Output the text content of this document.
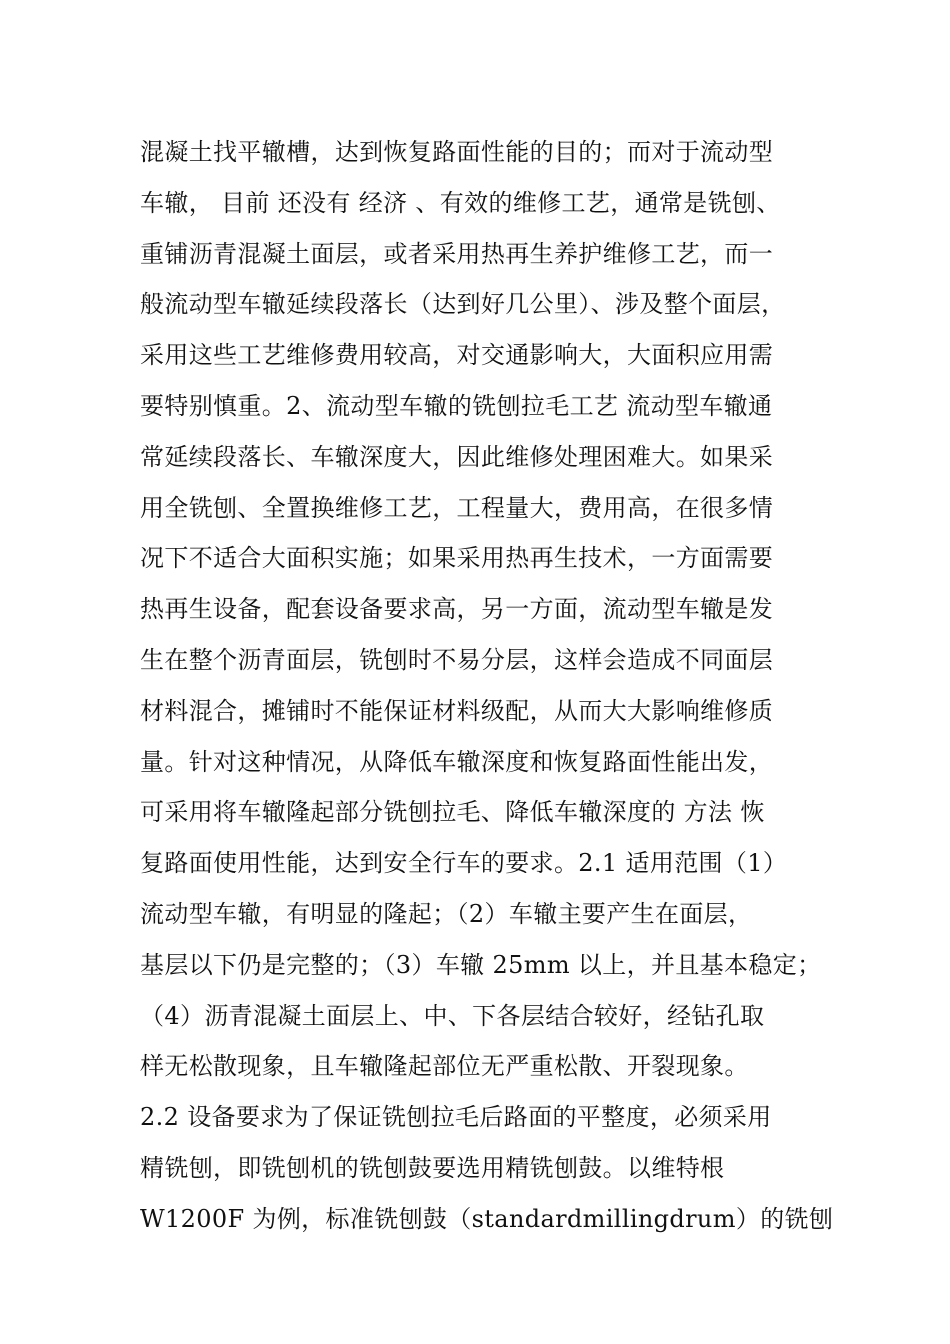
混凝土找平辙槽，达到恢复路面性能的目的；而对于流动型
车辙， 目前 还没有 经济 、有效的维修工艺，通常是铣刨、
重铺沥青混凝土面层，或者采用热再生养护维修工艺，而一
般流动型车辙延续段落长（达到好几公里）、涉及整个面层，
采用这些工艺维修费用较高，对交通影响大，大面积应用需
要特别慎重。2、流动型车辙的铣刨拉毛工艺 流动型车辙通
常延续段落长、车辙深度大，因此维修处理困难大。如果采
用全铣刨、全置换维修工艺，工程量大，费用高，在很多情
况下不适合大面积实施；如果采用热再生技术，一方面需要
热再生设备，配套设备要求高，另一方面，流动型车辙是发
生在整个沥青面层，铣刨时不易分层，这样会造成不同面层
材料混合，摊铺时不能保证材料级配，从而大大影响维修质
量。针对这种情况，从降低车辙深度和恢复路面性能出发，
可采用将车辙隆起部分铣刨拉毛、降低车辙深度的 方法 恢
复路面使用性能，达到安全行车的要求。2.1 适用范围（1）
流动型车辙，有明显的隆起；（2）车辙主要产生在面层，
基层以下仍是完整的；（3）车辙 25mm 以上，并且基本稳定；
（4）沥青混凝土面层上、中、下各层结合较好，经钻孔取
样无松散现象，且车辙隆起部位无严重松散、开裂现象。
2.2 设备要求为了保证铣刨拉毛后路面的平整度，必须采用
精铣刨，即铣刨机的铣刨鼓要选用精铣刨鼓。以维特根
W1200F 为例，标准铣刨鼓（standardmillingdrum）的铣刨
